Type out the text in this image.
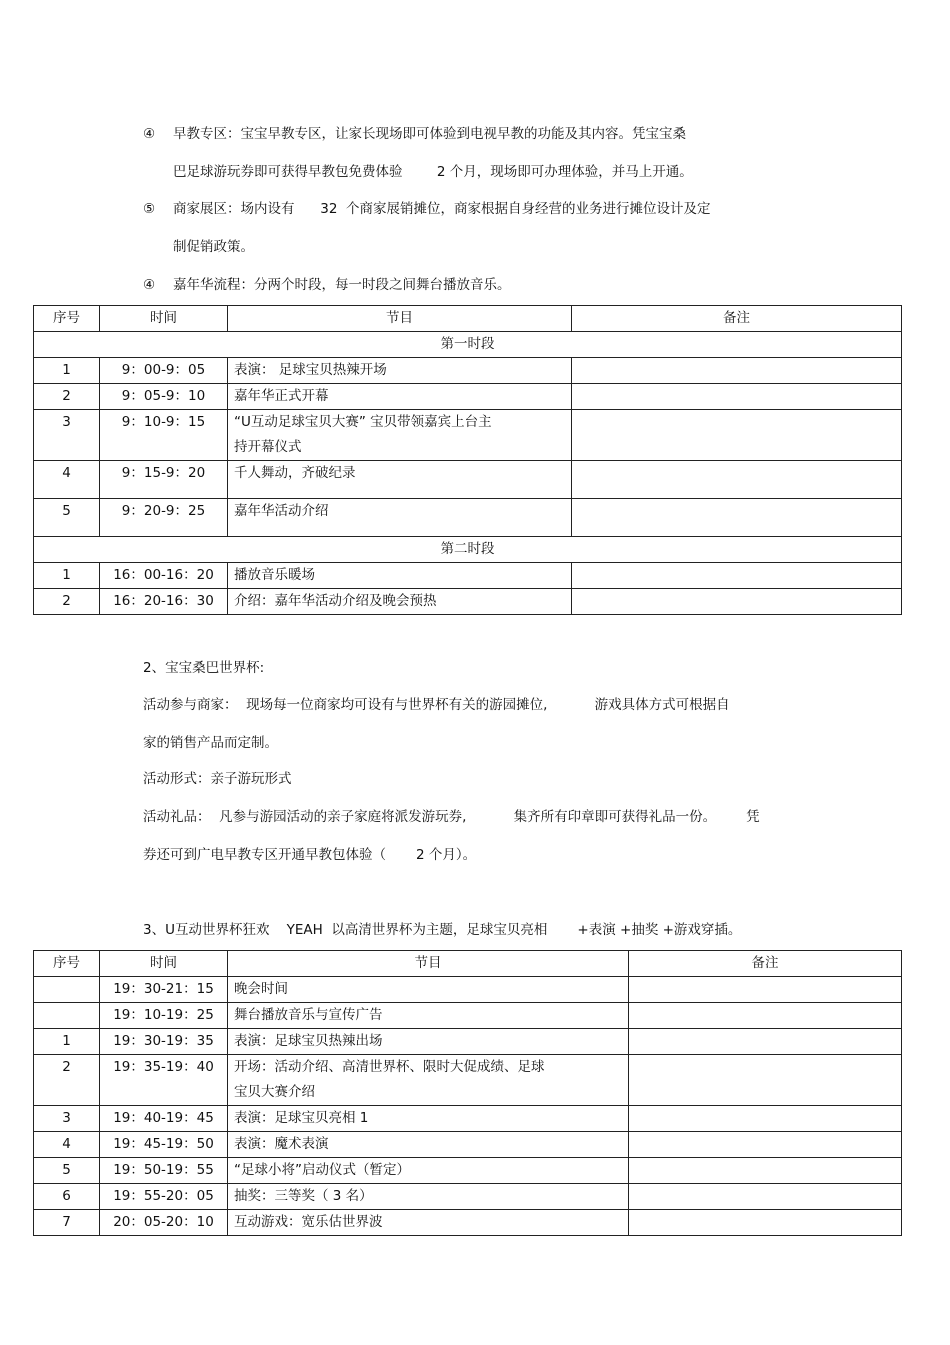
④ 早教专区：宝宝早教专区，让家长现场即可体验到电视早教的功能及其内容。凭宝宝桑
巴足球游玩券即可获得早教包免费体验        2 个月，现场即可办理体验，并马上开通。
⑤ 商家展区：场内设有      32  个商家展销摊位，商家根据自身经营的业务进行摊位设计及定
制促销政策。
④ 嘉年华流程：分两个时段，每一时段之间舞台播放音乐。
序号	时间	节目	备注
第一时段			
1	9：00-9：05	表演： 足球宝贝热辣开场	
2	9：05-9：10	嘉年华正式开幕	
3	9：10-9：15	“U互动足球宝贝大赛” 宝贝带领嘉宾上台主
持开幕仪式	

4	9：15-9：20	千人舞动，齐破纪录	
5	9：20-9：25	嘉年华活动介绍	
第二时段			
1	16：00-16：20	播放音乐暖场	
2	16：20-16：30	介绍：嘉年华活动介绍及晚会预热	
2、宝宝桑巴世界杯:
活动参与商家：  现场每一位商家均可设有与世界杯有关的游园摊位,           游戏具体方式可根据自
家的销售产品而定制。
活动形式：亲子游玩形式
活动礼品：  凡参与游园活动的亲子家庭将派发游玩券,           集齐所有印章即可获得礼品一份。       凭
券还可到广电早教专区开通早教包体验（       2 个月）。
3、U互动世界杯狂欢    YEAH  以高清世界杯为主题，足球宝贝亮相       +表演 +抽奖 +游戏穿插。
序号	时间	节目	备注
	19：30-21：15	晚会时间	
	19：10-19：25	舞台播放音乐与宣传广告	
1	19：30-19：35	表演：足球宝贝热辣出场	
2	19：35-19：40	开场：活动介绍、高清世界杯、限时大促成绩、足球
宝贝大赛介绍	

3	19：40-19：45	表演：足球宝贝亮相 1	
4	19：45-19：50	表演：魔术表演	
5	19：50-19：55	“足球小将”启动仪式（暂定）	
6	19：55-20：05	抽奖：三等奖（ 3 名）	
7	20：05-20：10	互动游戏：宽乐估世界波	
